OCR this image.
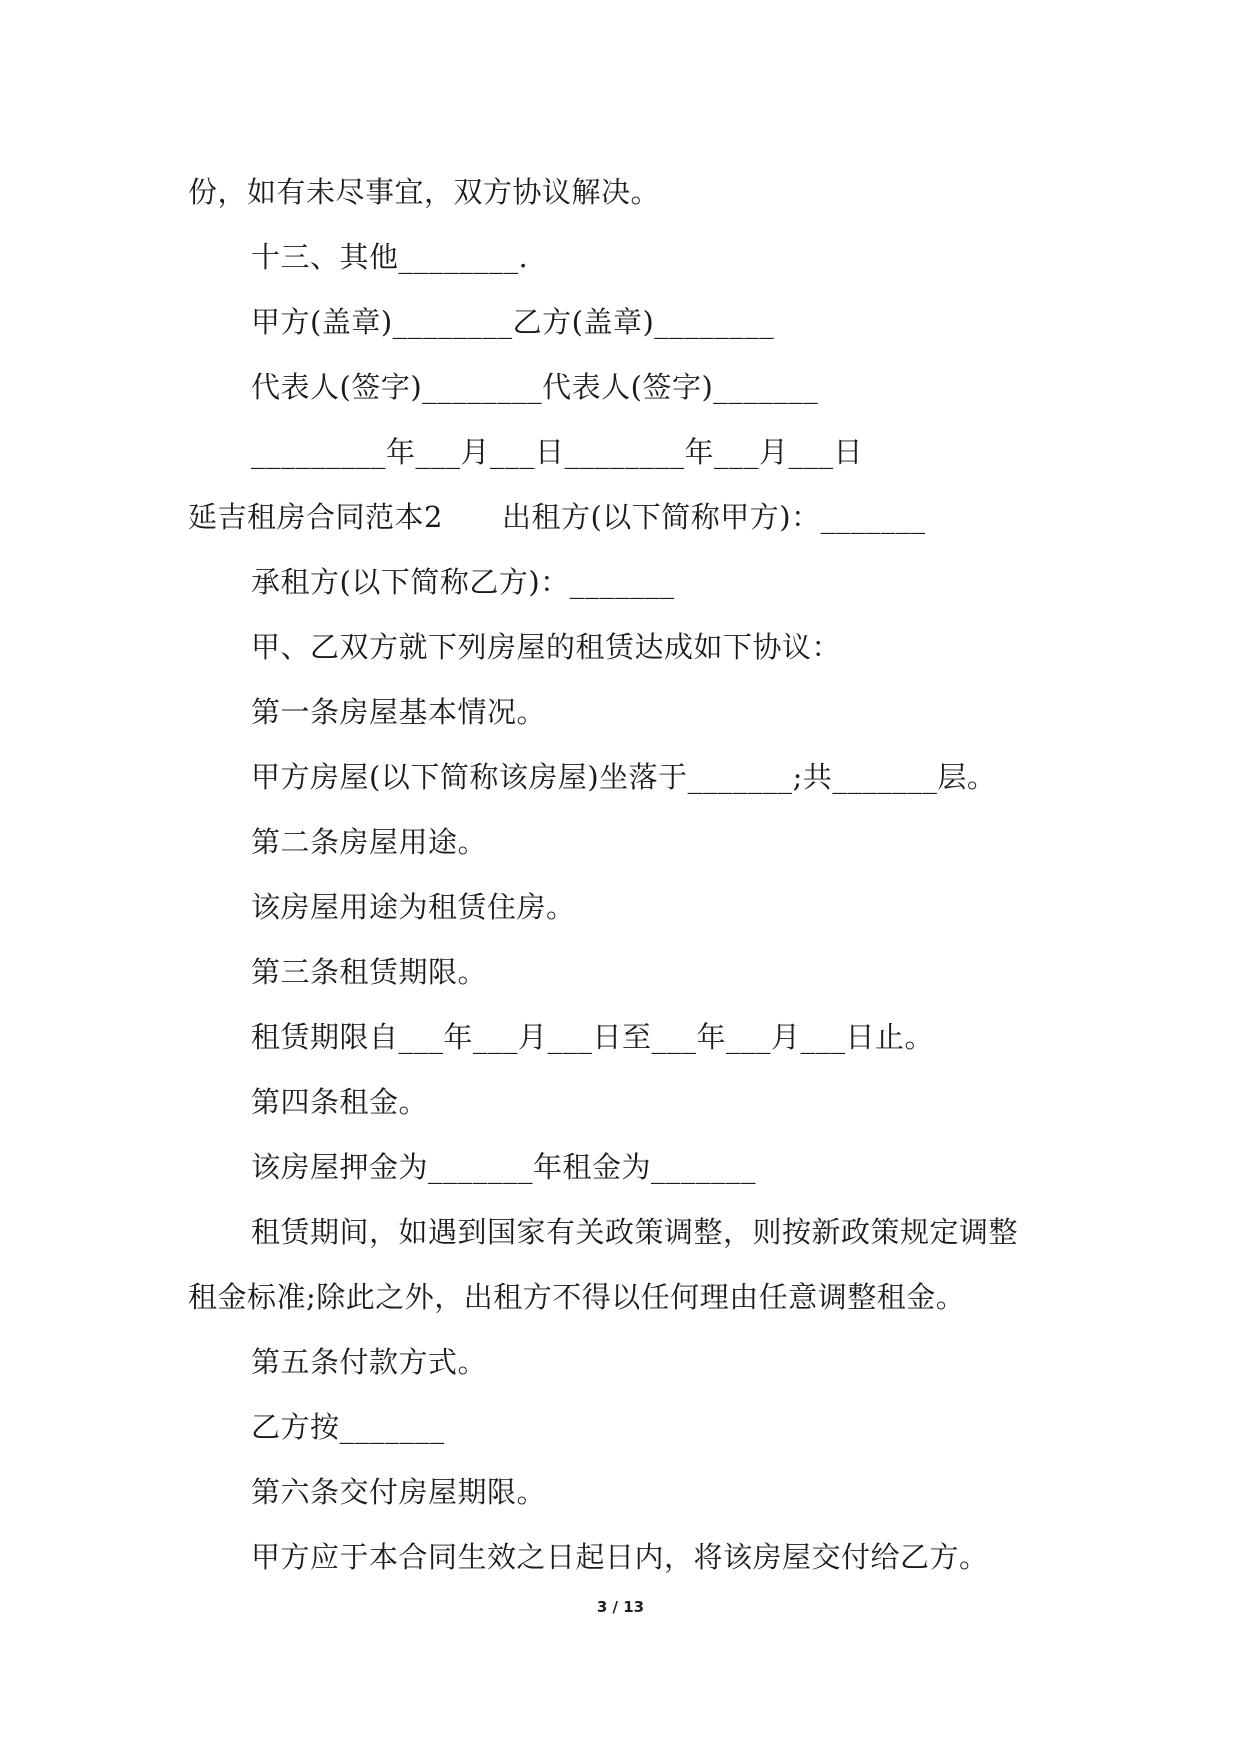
份，如有未尽事宜，双方协议解决。
十三、其他________.
甲方(盖章)________乙方(盖章)________
代表人(签字)________代表人(签字)_______
_________年___月___日________年___月___日
延吉租房合同范本2　　出租方(以下简称甲方)：_______
承租方(以下简称乙方)：_______
甲、乙双方就下列房屋的租赁达成如下协议：
第一条房屋基本情况。
甲方房屋(以下简称该房屋)坐落于_______;共_______层。
第二条房屋用途。
该房屋用途为租赁住房。
第三条租赁期限。
租赁期限自___年___月___日至___年___月___日止。
第四条租金。
该房屋押金为_______年租金为_______
租赁期间，如遇到国家有关政策调整，则按新政策规定调整
租金标准;除此之外，出租方不得以任何理由任意调整租金。
第五条付款方式。
乙方按_______
第六条交付房屋期限。
甲方应于本合同生效之日起日内，将该房屋交付给乙方。
3 / 13
